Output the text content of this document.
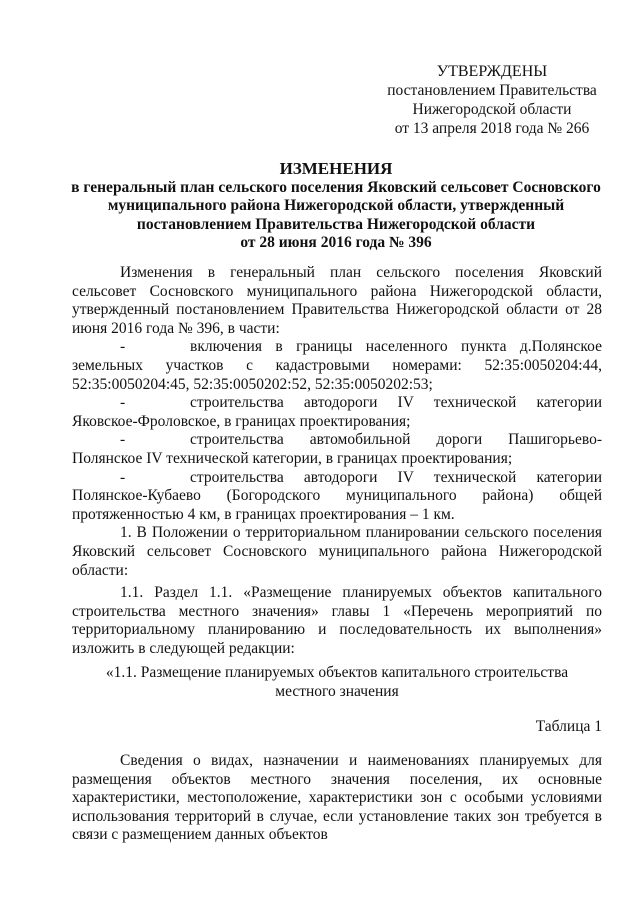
УТВЕРЖДЕНЫ
постановлением Правительства
Нижегородской области
от 13 апреля 2018 года № 266
ИЗМЕНЕНИЯ
в генеральный план сельского поселения Яковский сельсовет Сосновского
муниципального района Нижегородской области, утвержденный
постановлением Правительства Нижегородской области
от 28 июня 2016 года № 396

Изменения в генеральный план сельского поселения Яковский сельсовет Сосновского муниципального района Нижегородской области, утвержденный постановлением Правительства Нижегородской области от 28 июня 2016 года № 396, в части:

-	включения в границы населенного пункта д.Полянское земельных участков с кадастровыми номерами: 52:35:0050204:44, 52:35:0050204:45, 52:35:0050202:52, 52:35:0050202:53;

-	строительства автодороги IV технической категории Яковское-Фроловское, в границах проектирования;

-	строительства автомобильной дороги Пашигорьево-Полянское IV технической категории, в границах проектирования;

-	строительства автодороги IV технической категории Полянское-Кубаево (Богородского муниципального района) общей протяженностью 4 км, в границах проектирования – 1 км.

1. В Положении о территориальном планировании сельского поселения Яковский сельсовет Сосновского муниципального района Нижегородской области:

1.1. Раздел 1.1. «Размещение планируемых объектов капитального строительства местного значения» главы 1 «Перечень мероприятий по территориальному планированию и последовательность их выполнения» изложить в следующей редакции:

«1.1. Размещение планируемых объектов капитального строительства
местного значения
Таблица 1

Сведения о видах, назначении и наименованиях планируемых для размещения объектов местного значения поселения, их основные характеристики, местоположение, характеристики зон с особыми условиями использования территорий в случае, если установление таких зон требуется в связи с размещением данных объектов
